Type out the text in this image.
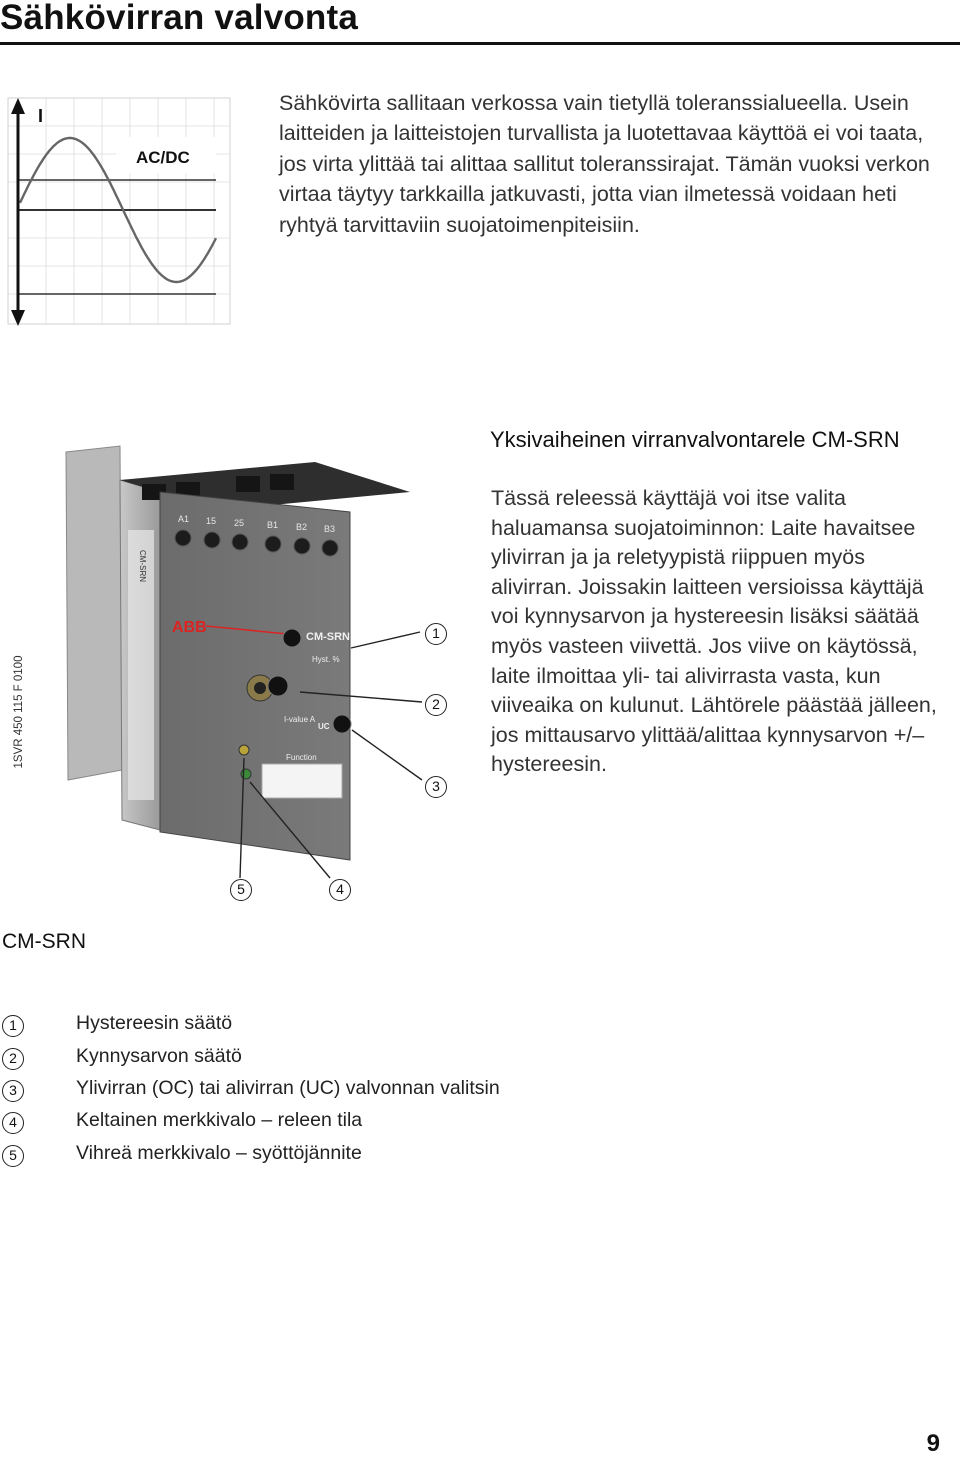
Sähkövirran valvonta
I
AC/DC
Sähkövirta sallitaan verkossa vain tietyllä toleranssialueella. Usein laitteiden ja laitteistojen turvallista ja luotettavaa käyttöä ei voi taata, jos virta ylittää tai alittaa sallitut toleranssirajat. Tämän vuoksi verkon virtaa täytyy tarkkailla jatkuvasti, jotta vian ilmetessä voidaan heti ryhtyä tarvittaviin suojatoimenpiteisiin.
1SVR 450 115 F 0100
A1 15 25	B1 B2 B3
ABB
CM-SRN
CM-SRN
Hyst. %
I-value A
UC
Function
1
2
3
4
5
Yksivaiheinen virranvalvontarele CM-SRN
Tässä releessä käyttäjä voi itse valita haluamansa suojatoiminnon: Laite havaitsee ylivirran ja ja reletyypistä riippuen myös alivirran. Joissakin laitteen versioissa käyttäjä voi kynnysarvon ja hystereesin lisäksi säätää myös vasteen viivettä. Jos viive on käytössä, laite ilmoittaa yli- tai alivirrasta vasta, kun viiveaika on kulunut. Lähtörele päästää jälleen, jos mittausarvo ylittää/alittaa kynnysarvon +/– hystereesin.
CM-SRN
1	Hystereesin säätö
2	Kynnysarvon säätö
3	Ylivirran (OC) tai alivirran (UC) valvonnan valitsin
4	Keltainen merkkivalo – releen tila
5	Vihreä merkkivalo – syöttöjännite
9
